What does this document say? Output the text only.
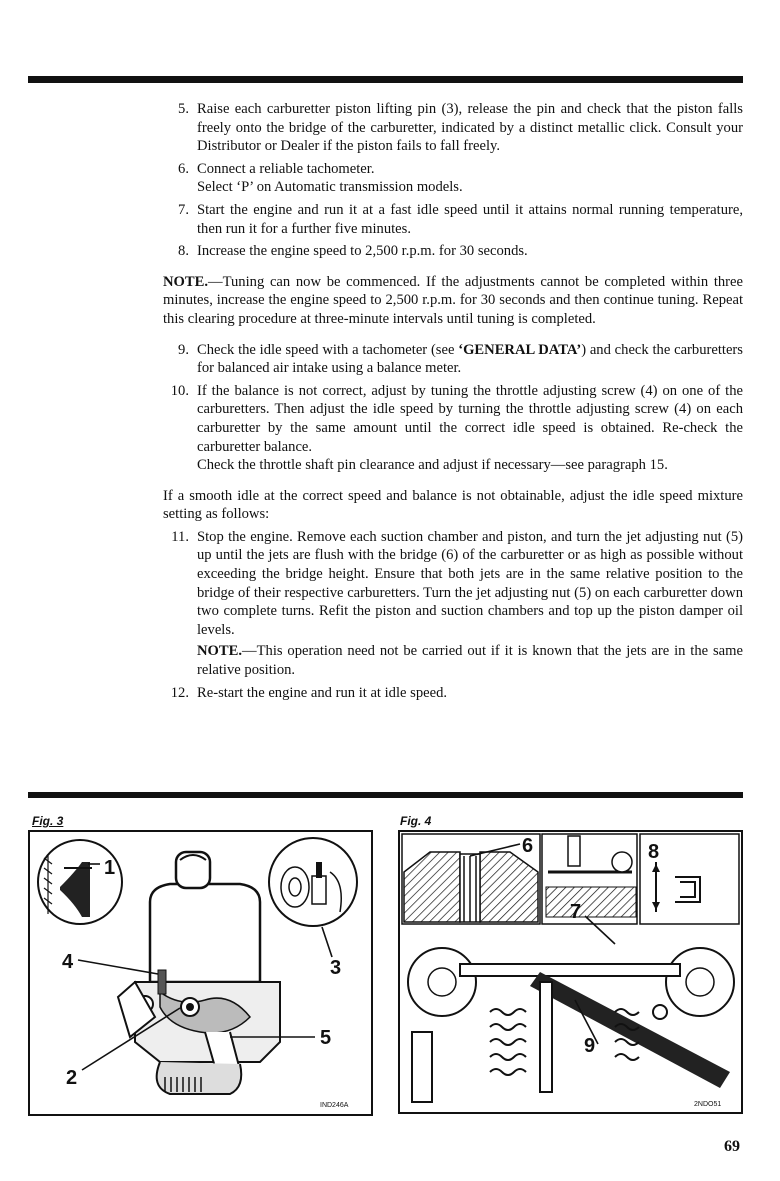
5. Raise each carburetter piston lifting pin (3), release the pin and check that the piston falls freely onto the bridge of the carburetter, indicated by a distinct metallic click. Consult your Distributor or Dealer if the piston fails to fall freely.

6. Connect a reliable tachometer.

Select ‘P’ on Automatic transmission models.

7. Start the engine and run it at a fast idle speed until it attains normal running temperature, then run it for a further five minutes.

8. Increase the engine speed to 2,500 r.p.m. for 30 seconds.

NOTE.—Tuning can now be commenced. If the adjustments cannot be completed within three minutes, increase the engine speed to 2,500 r.p.m. for 30 seconds and then continue tuning. Repeat this clearing procedure at three-minute intervals until tuning is completed.

9. Check the idle speed with a tachometer (see ‘GENERAL DATA’) and check the carburetters for balanced air intake using a balance meter.

10. If the balance is not correct, adjust by tuning the throttle adjusting screw (4) on one of the carburetters. Then adjust the idle speed by turning the throttle adjusting screw (4) on each carburetter by the same amount until the correct idle speed is obtained. Re-check the carburetter balance.

Check the throttle shaft pin clearance and adjust if necessary—see paragraph 15.

If a smooth idle at the correct speed and balance is not obtainable, adjust the idle speed mixture setting as follows:

11. Stop the engine. Remove each suction chamber and piston, and turn the jet adjusting nut (5) up until the jets are flush with the bridge (6) of the carburetter or as high as possible without exceeding the bridge height. Ensure that both jets are in the same relative position to the bridge of their respective carburetters. Turn the jet adjusting nut (5) on each carburetter down two complete turns. Refit the piston and suction chambers and top up the piston damper oil levels.

NOTE.—This operation need not be carried out if it is known that the jets are in the same relative position.

12. Re-start the engine and run it at idle speed.

Fig. 3
1
4	3
5
2
IND246A
Fig. 4
6
7
8
9
2NDO51
69
